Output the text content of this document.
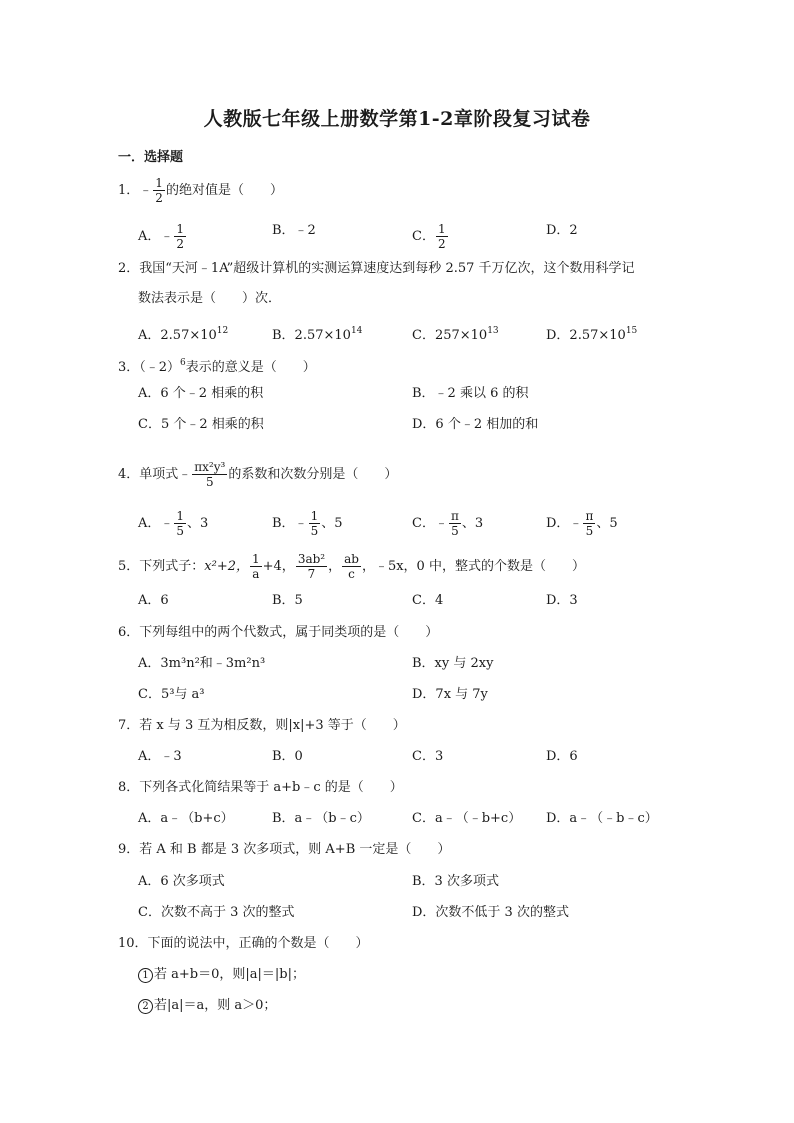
人教版七年级上册数学第1-2章阶段复习试卷
一．选择题
1．﹣ $\frac{1}{2}$ 的绝对值是（　　）
A．﹣ $\frac{1}{2}$	B．﹣2	C． $\frac{1}{2}$	D．2
2．我国“天河﹣1A”超级计算机的实测运算速度达到每秒 2.57 千万亿次，这个数用科学记
数法表示是（　　）次．
A．$2.57\times 10^{12}$	B．$2.57\times 10^{14}$	C．$257\times 10^{13}$	D．$2.57\times 10^{15}$
3．（﹣2）$^6$表示的意义是（　　）
A．6 个﹣2 相乘的积	B．﹣2 乘以 6 的积
C．5 个﹣2 相乘的积	D．6 个﹣2 相加的和
4．单项式﹣ $\frac{\text{πx²y³}}{5}$ 的系数和次数分别是（　　）
A．﹣ $\frac{1}{5}$ 、3	B．﹣ $\frac{1}{5}$ 、5	C．﹣ $\frac{\pi}{5}$ 、3	D．﹣ $\frac{\pi}{5}$ 、5
5．下列式子：x²+2， $\frac{1}{a} +4$， $\frac{\text{3ab²}}{7}$ ， $\frac{ab}{c}$ ，﹣5x，0 中，整式的个数是（　　）
A．6	B．5	C．4	D．3
6．下列每组中的两个代数式，属于同类项的是（　　）
A．3m³n²和﹣3m²n³	B．xy 与 2xy
C．5³与 a³	D．7x 与 7y
7．若 x 与 3 互为相反数，则|x|+3 等于（　　）
A．﹣3	B．0	C．3	D．6
8．下列各式化简结果等于 a+b﹣c 的是（　　）
A．a﹣（b+c）	B．a﹣（b﹣c）	C．a﹣（﹣b+c） D．a﹣（﹣b﹣c）
9．若 A 和 B 都是 3 次多项式，则 A+B 一定是（　　）
A．6 次多项式	B．3 次多项式
C．次数不高于 3 次的整式	D．次数不低于 3 次的整式
10．下面的说法中，正确的个数是（　　）
1 若 a+b＝0，则|a|＝|b|；
2 若|a|＝a，则 a＞0；
